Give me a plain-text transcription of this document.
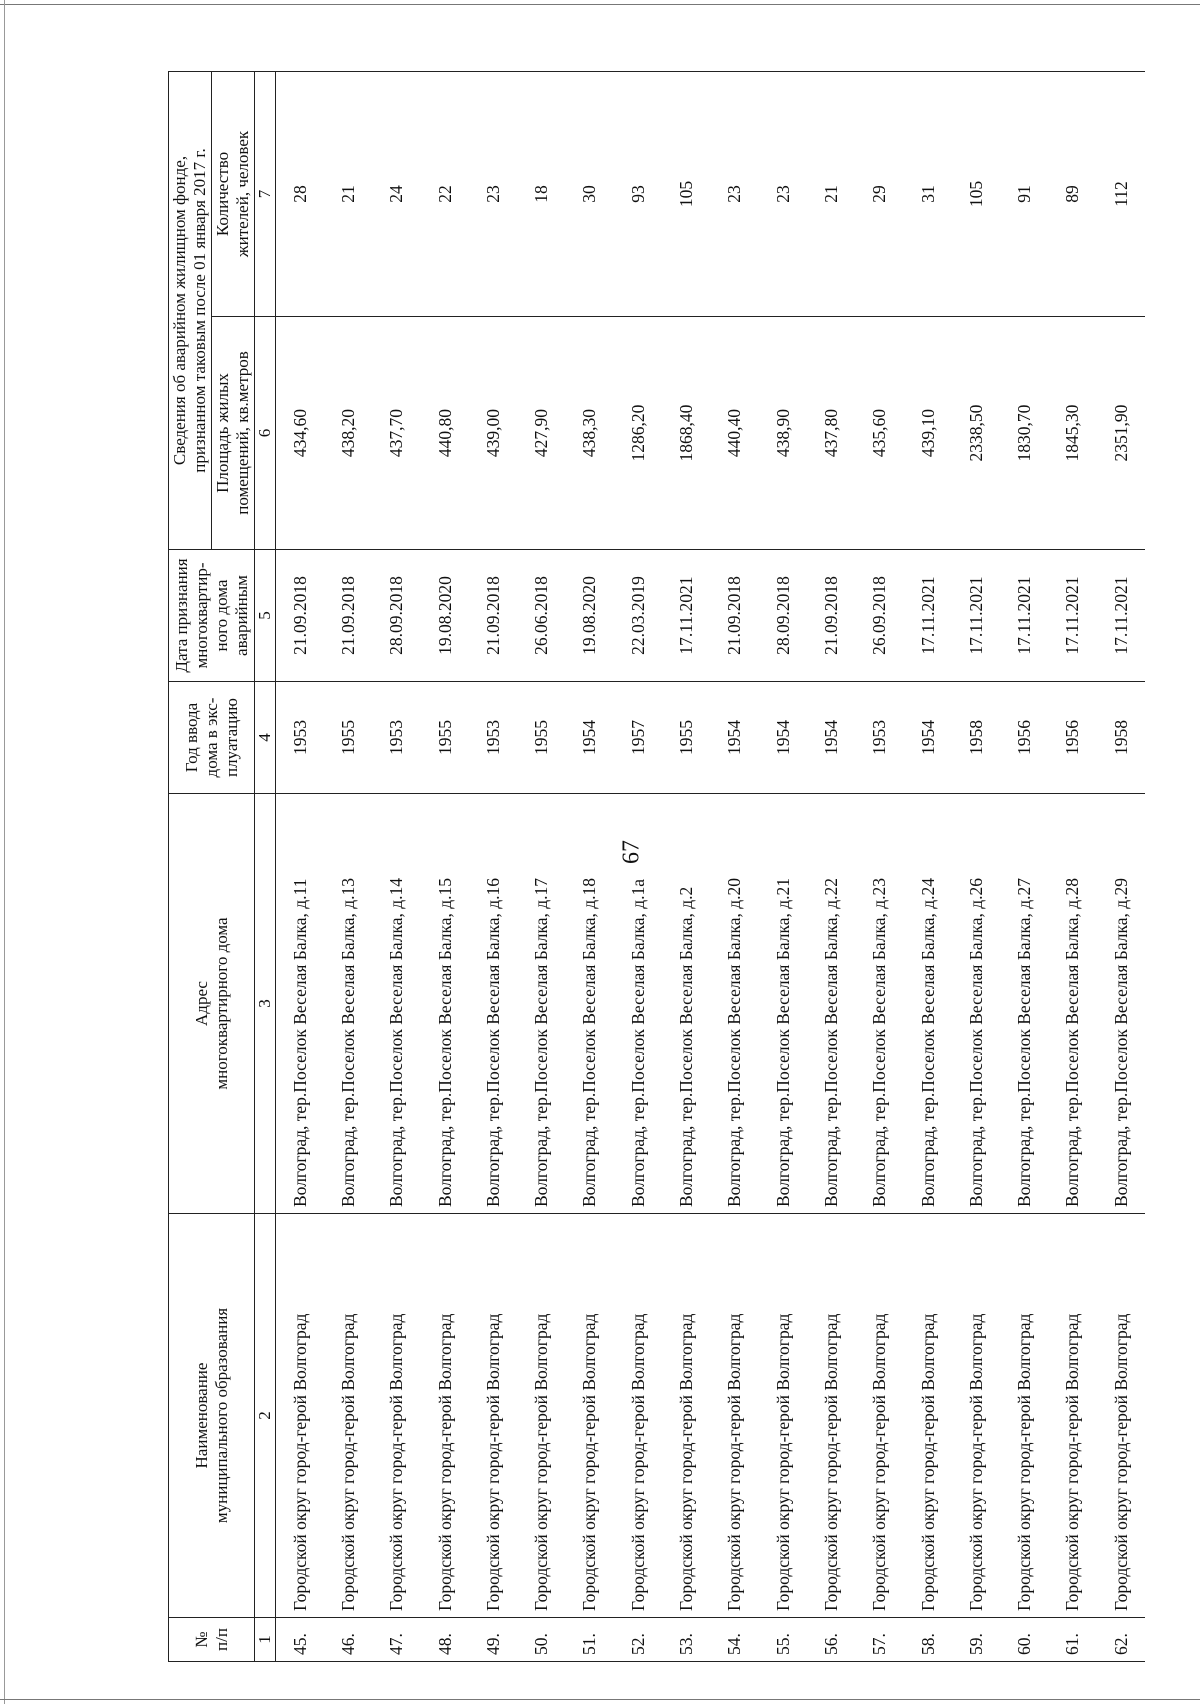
67
№ п/п	Наименование муниципального образования	Адрес многоквартирного дома	Год ввода дома в экс- плуатацию	Дата признания многоквартир- ного дома аварийным	Сведения об аварийном жилищном фонде, признанном таковым после 01 января 2017 г.	

					Площадь жилых помещений, кв.метров	Количество жителей, человек

1	2	3	4	5	6	7
45.	Городской округ город-герой Волгоград	Волгоград, тер.Поселок Веселая Балка, д.11	1953	21.09.2018	434,60	28
46.	Городской округ город-герой Волгоград	Волгоград, тер.Поселок Веселая Балка, д.13	1955	21.09.2018	438,20	21
47.	Городской округ город-герой Волгоград	Волгоград, тер.Поселок Веселая Балка, д.14	1953	28.09.2018	437,70	24
48.	Городской округ город-герой Волгоград	Волгоград, тер.Поселок Веселая Балка, д.15	1955	19.08.2020	440,80	22
49.	Городской округ город-герой Волгоград	Волгоград, тер.Поселок Веселая Балка, д.16	1953	21.09.2018	439,00	23
50.	Городской округ город-герой Волгоград	Волгоград, тер.Поселок Веселая Балка, д.17	1955	26.06.2018	427,90	18
51.	Городской округ город-герой Волгоград	Волгоград, тер.Поселок Веселая Балка, д.18	1954	19.08.2020	438,30	30
52.	Городской округ город-герой Волгоград	Волгоград, тер.Поселок Веселая Балка, д.1а	1957	22.03.2019	1286,20	93
53.	Городской округ город-герой Волгоград	Волгоград, тер.Поселок Веселая Балка, д.2	1955	17.11.2021	1868,40	105
54.	Городской округ город-герой Волгоград	Волгоград, тер.Поселок Веселая Балка, д.20	1954	21.09.2018	440,40	23
55.	Городской округ город-герой Волгоград	Волгоград, тер.Поселок Веселая Балка, д.21	1954	28.09.2018	438,90	23
56.	Городской округ город-герой Волгоград	Волгоград, тер.Поселок Веселая Балка, д.22	1954	21.09.2018	437,80	21
57.	Городской округ город-герой Волгоград	Волгоград, тер.Поселок Веселая Балка, д.23	1953	26.09.2018	435,60	29
58.	Городской округ город-герой Волгоград	Волгоград, тер.Поселок Веселая Балка, д.24	1954	17.11.2021	439,10	31
59.	Городской округ город-герой Волгоград	Волгоград, тер.Поселок Веселая Балка, д.26	1958	17.11.2021	2338,50	105
60.	Городской округ город-герой Волгоград	Волгоград, тер.Поселок Веселая Балка, д.27	1956	17.11.2021	1830,70	91
61.	Городской округ город-герой Волгоград	Волгоград, тер.Поселок Веселая Балка, д.28	1956	17.11.2021	1845,30	89
62.	Городской округ город-герой Волгоград	Волгоград, тер.Поселок Веселая Балка, д.29	1958	17.11.2021	2351,90	112
